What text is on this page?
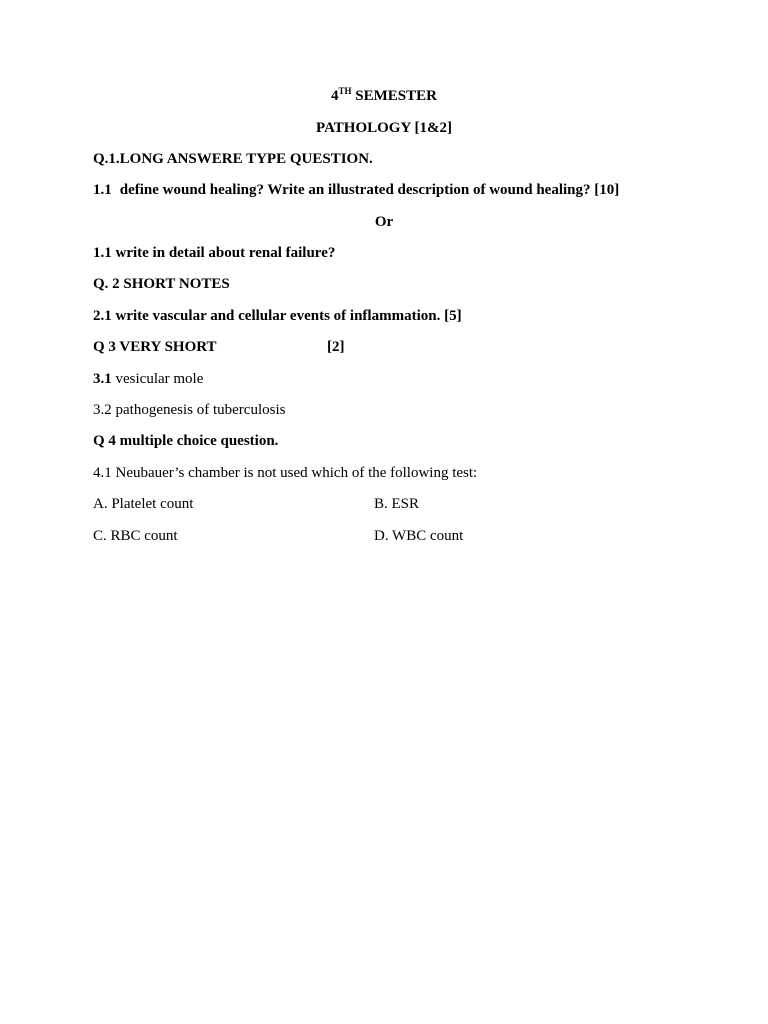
4TH SEMESTER
PATHOLOGY [1&2]
Q.1.LONG ANSWERE TYPE QUESTION.
1.1 define wound healing? Write an illustrated description of wound healing? [10]
Or
1.1 write in detail about renal failure?
Q. 2 SHORT NOTES
2.1 write vascular and cellular events of inflammation. [5]
Q 3 VERY SHORT	[2]
3.1 vesicular mole
3.2 pathogenesis of tuberculosis
Q 4 multiple choice question.
4.1 Neubauer’s chamber is not used which of the following test:
A. Platelet count	B. ESR
C. RBC count	D. WBC count
